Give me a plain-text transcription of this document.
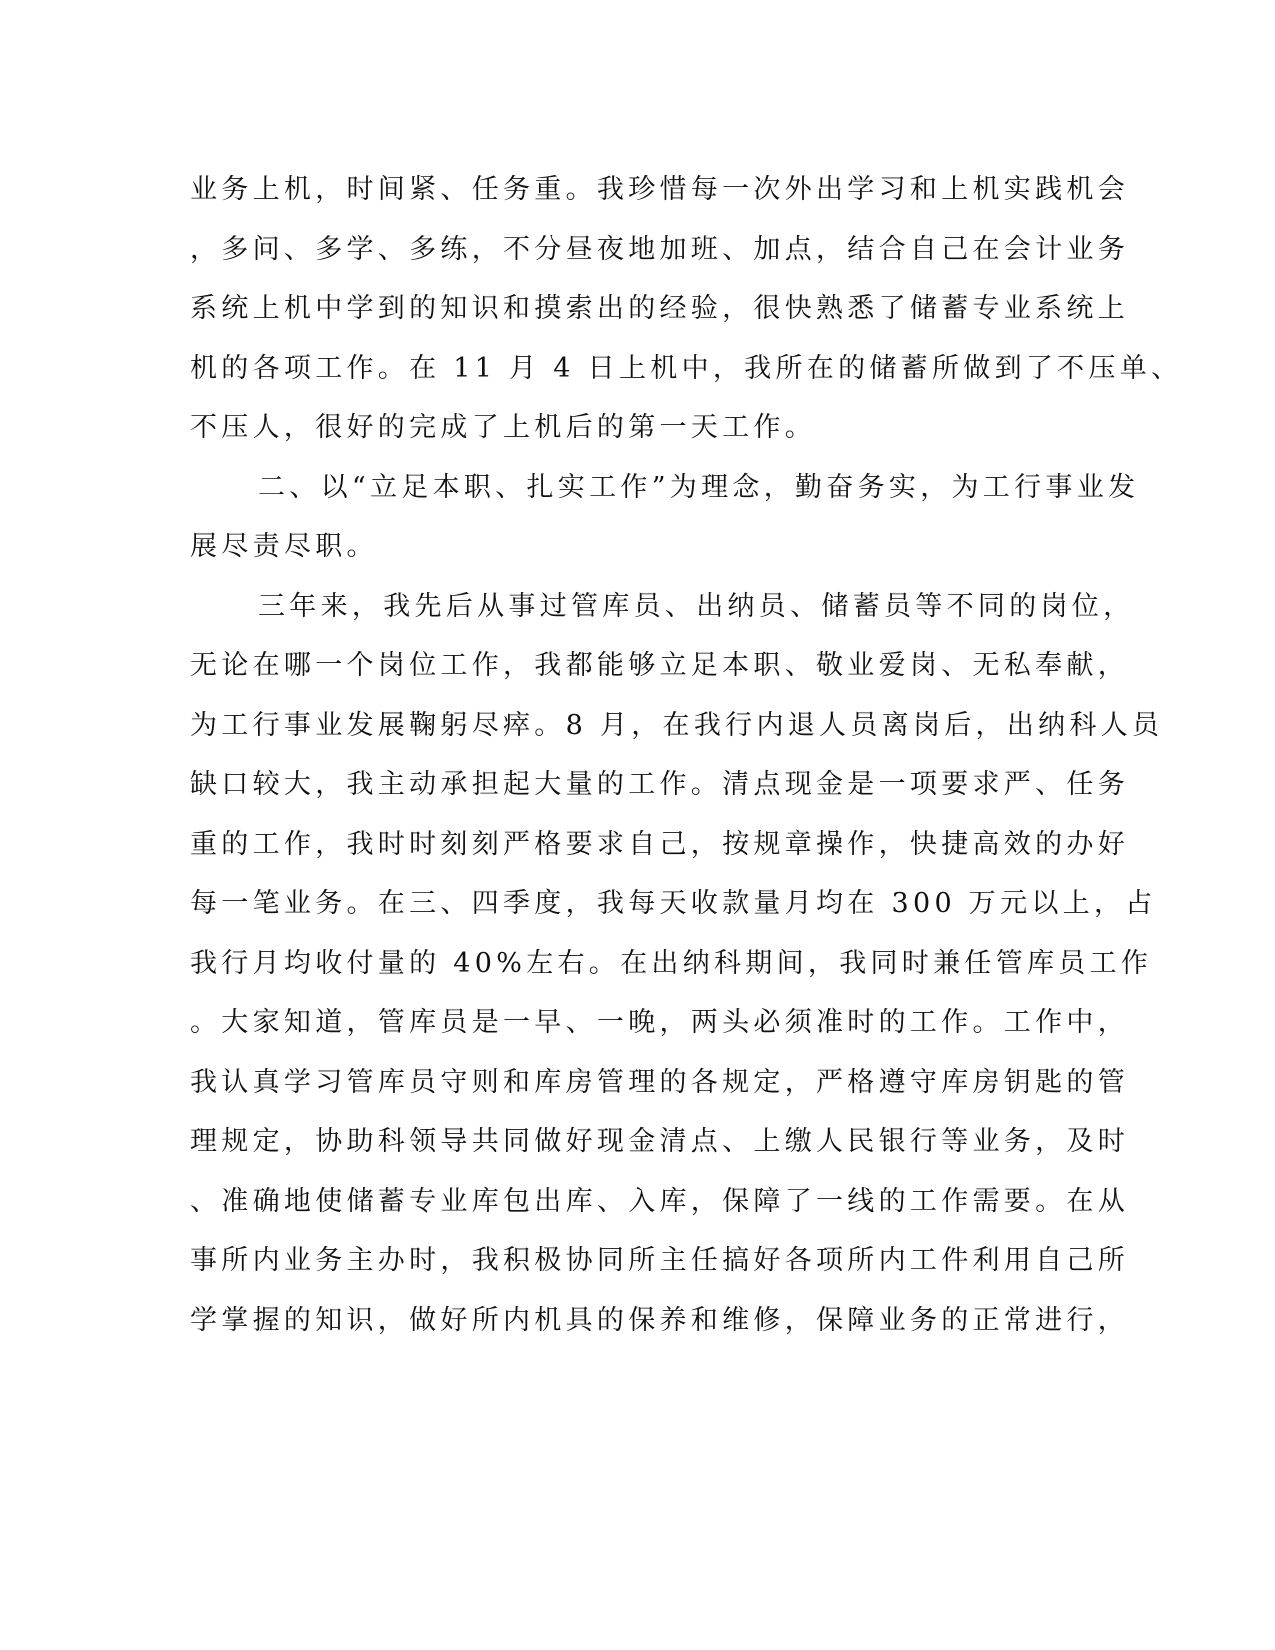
业务上机，时间紧、任务重。我珍惜每一次外出学习和上机实践机会
，多问、多学、多练，不分昼夜地加班、加点，结合自己在会计业务
系统上机中学到的知识和摸索出的经验，很快熟悉了储蓄专业系统上
机的各项工作。在 11 月 4 日上机中，我所在的储蓄所做到了不压单、
不压人，很好的完成了上机后的第一天工作。
二、以“立足本职、扎实工作”为理念，勤奋务实，为工行事业发
展尽责尽职。
三年来，我先后从事过管库员、出纳员、储蓄员等不同的岗位，
无论在哪一个岗位工作，我都能够立足本职、敬业爱岗、无私奉献，
为工行事业发展鞠躬尽瘁。8 月，在我行内退人员离岗后，出纳科人员
缺口较大，我主动承担起大量的工作。清点现金是一项要求严、任务
重的工作，我时时刻刻严格要求自己，按规章操作，快捷高效的办好
每一笔业务。在三、四季度，我每天收款量月均在 300 万元以上，占
我行月均收付量的 40%左右。在出纳科期间，我同时兼任管库员工作
。大家知道，管库员是一早、一晚，两头必须准时的工作。工作中，
我认真学习管库员守则和库房管理的各规定，严格遵守库房钥匙的管
理规定，协助科领导共同做好现金清点、上缴人民银行等业务，及时
、准确地使储蓄专业库包出库、入库，保障了一线的工作需要。在从
事所内业务主办时，我积极协同所主任搞好各项所内工件利用自己所
学掌握的知识，做好所内机具的保养和维修，保障业务的正常进行，
